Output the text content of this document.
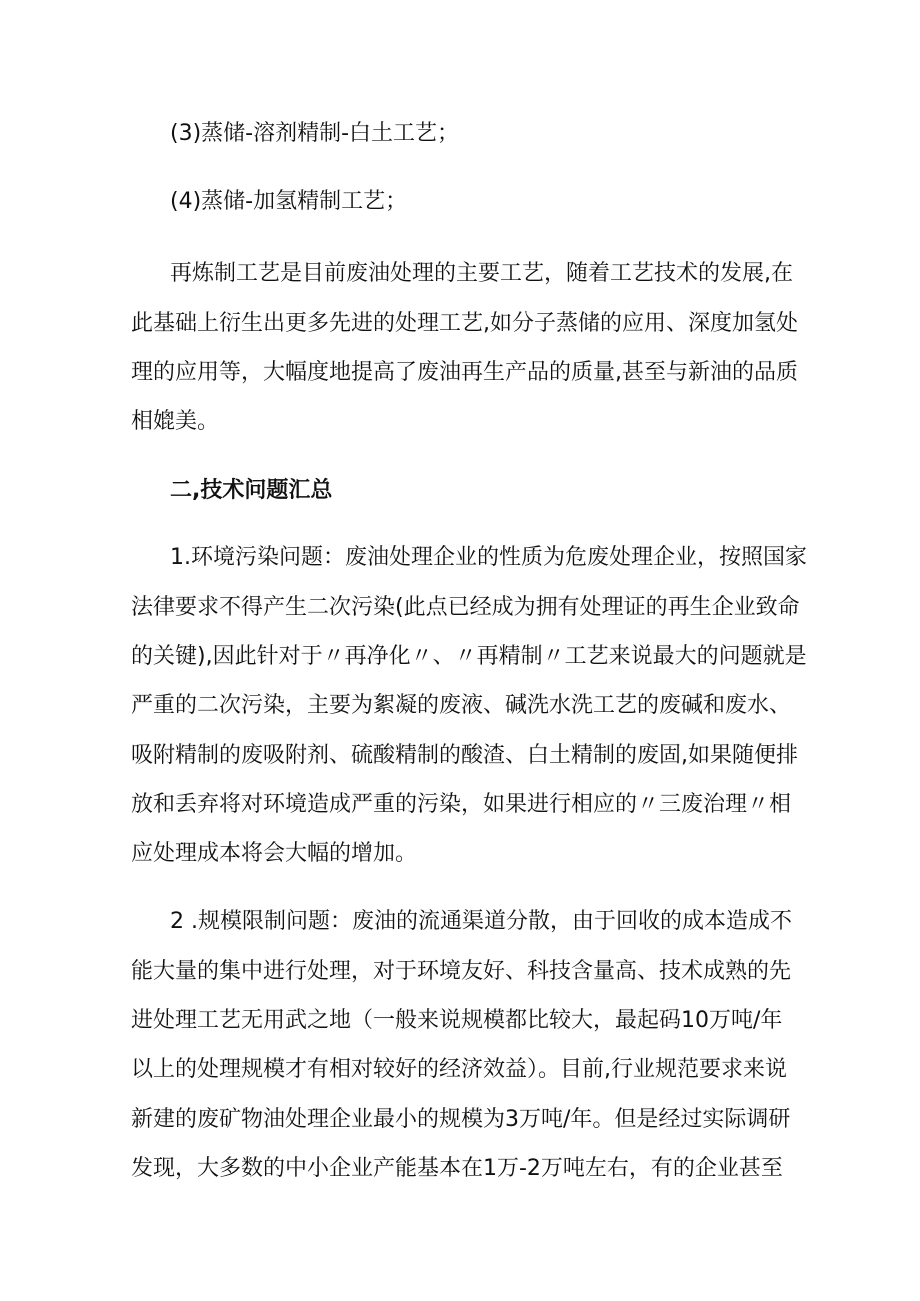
(3)蒸储-溶剂精制-白土工艺；
(4)蒸储-加氢精制工艺；
再炼制工艺是目前废油处理的主要工艺，随着工艺技术的发展,在
此基础上衍生出更多先进的处理工艺,如分子蒸储的应用、深度加氢处
理的应用等，大幅度地提高了废油再生产品的质量,甚至与新油的品质
相媲美。
二,技术问题汇总
1.环境污染问题：废油处理企业的性质为危废处理企业，按照国家
法律要求不得产生二次污染(此点已经成为拥有处理证的再生企业致命
的关键),因此针对于〃再净化〃、〃再精制〃工艺来说最大的问题就是
严重的二次污染，主要为絮凝的废液、碱洗水洗工艺的废碱和废水、
吸附精制的废吸附剂、硫酸精制的酸渣、白土精制的废固,如果随便排
放和丢弃将对环境造成严重的污染，如果进行相应的〃三废治理〃相
应处理成本将会大幅的增加。
2 .规模限制问题：废油的流通渠道分散，由于回收的成本造成不
能大量的集中进行处理，对于环境友好、科技含量高、技术成熟的先
进处理工艺无用武之地（一般来说规模都比较大，最起码10万吨/年
以上的处理规模才有相对较好的经济效益）。目前,行业规范要求来说
新建的废矿物油处理企业最小的规模为3万吨/年。但是经过实际调研
发现，大多数的中小企业产能基本在1万-2万吨左右，有的企业甚至
